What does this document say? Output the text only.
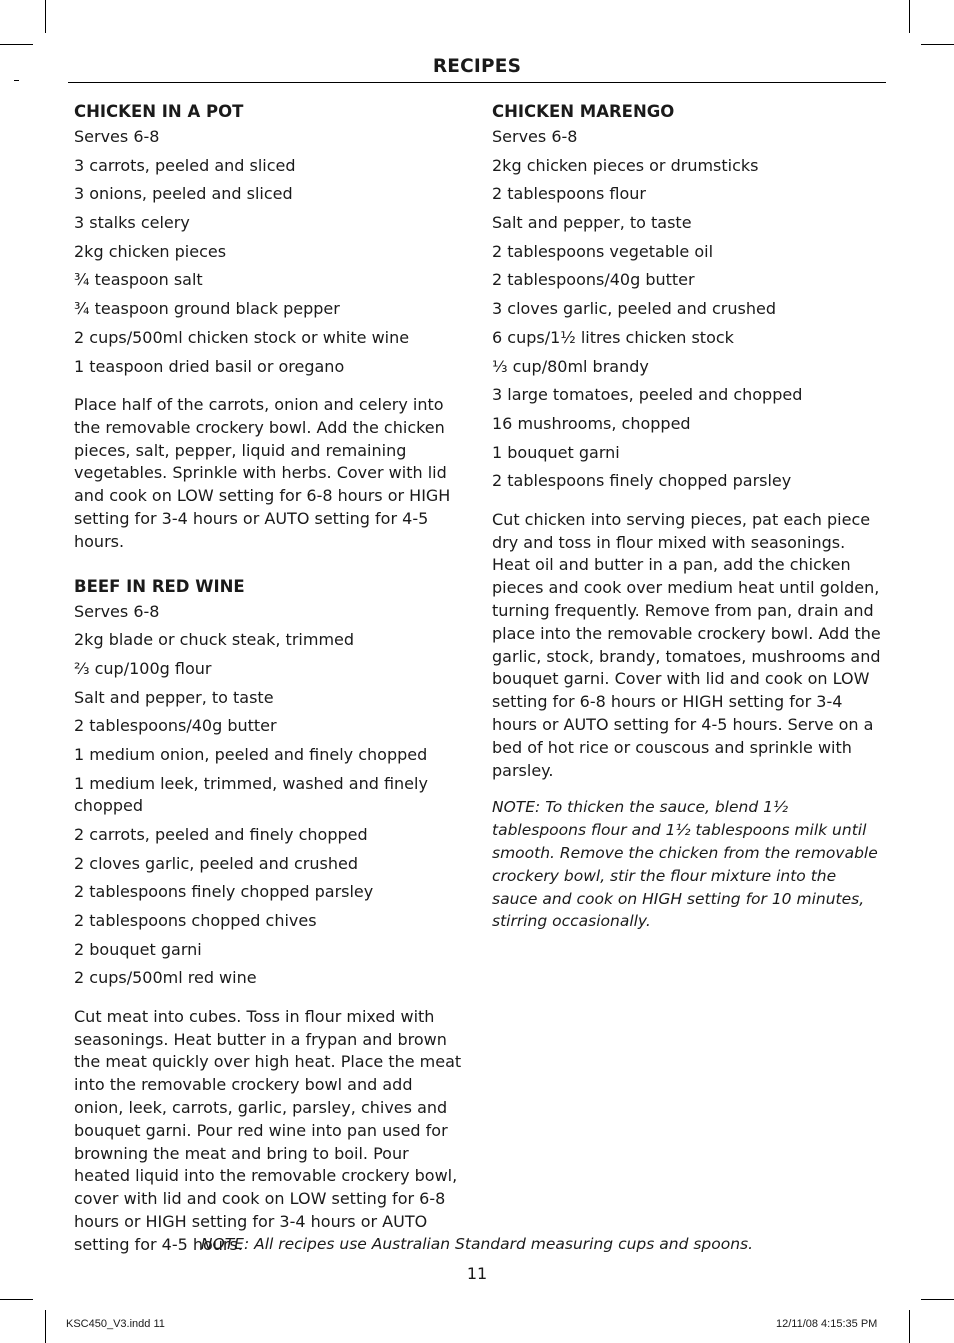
RECIPES
CHICKEN IN A POT

Serves 6-8

3 carrots, peeled and sliced

3 onions, peeled and sliced

3 stalks celery

2kg chicken pieces

¾ teaspoon salt

¾ teaspoon ground black pepper

2 cups/500ml chicken stock or white wine

1 teaspoon dried basil or oregano

Place half of the carrots, onion and celery into the removable crockery bowl. Add the chicken pieces, salt, pepper, liquid and remaining vegetables. Sprinkle with herbs. Cover with lid and cook on LOW setting for 6-8 hours or HIGH setting for 3-4 hours or AUTO setting for 4-5 hours.

BEEF IN RED WINE

Serves 6-8

2kg blade or chuck steak, trimmed

⅔ cup/100g flour

Salt and pepper, to taste

2 tablespoons/40g butter

1 medium onion, peeled and finely chopped

1 medium leek, trimmed, washed and finely chopped

2 carrots, peeled and finely chopped

2 cloves garlic, peeled and crushed

2 tablespoons finely chopped parsley

2 tablespoons chopped chives

2 bouquet garni

2 cups/500ml red wine

Cut meat into cubes. Toss in flour mixed with seasonings. Heat butter in a frypan and brown the meat quickly over high heat. Place the meat into the removable crockery bowl and add onion, leek, carrots, garlic, parsley, chives and bouquet garni. Pour red wine into pan used for browning the meat and bring to boil. Pour heated liquid into the removable crockery bowl, cover with lid and cook on LOW setting for 6-8 hours or HIGH setting for 3-4 hours or AUTO setting for 4-5 hours.

CHICKEN MARENGO

Serves 6-8

2kg chicken pieces or drumsticks

2 tablespoons flour

Salt and pepper, to taste

2 tablespoons vegetable oil

2 tablespoons/40g butter

3 cloves garlic, peeled and crushed

6 cups/1½ litres chicken stock

⅓ cup/80ml brandy

3 large tomatoes, peeled and chopped

16 mushrooms, chopped

1 bouquet garni

2 tablespoons finely chopped parsley

Cut chicken into serving pieces, pat each piece dry and toss in flour mixed with seasonings. Heat oil and butter in a pan, add the chicken pieces and cook over medium heat until golden, turning frequently. Remove from pan, drain and place into the removable crockery bowl. Add the garlic, stock, brandy, tomatoes, mushrooms and bouquet garni. Cover with lid and cook on LOW setting for 6-8 hours or HIGH setting for 3-4 hours or AUTO setting for 4-5 hours. Serve on a bed of hot rice or couscous and sprinkle with parsley.

NOTE: To thicken the sauce, blend 1½ tablespoons flour and 1½ tablespoons milk until smooth. Remove the chicken from the removable crockery bowl, stir the flour mixture into the sauce and cook on HIGH setting for 10 minutes, stirring occasionally.

NOTE: All recipes use Australian Standard measuring cups and spoons.
11
KSC450_V3.indd 11	12/11/08 4:15:35 PM
